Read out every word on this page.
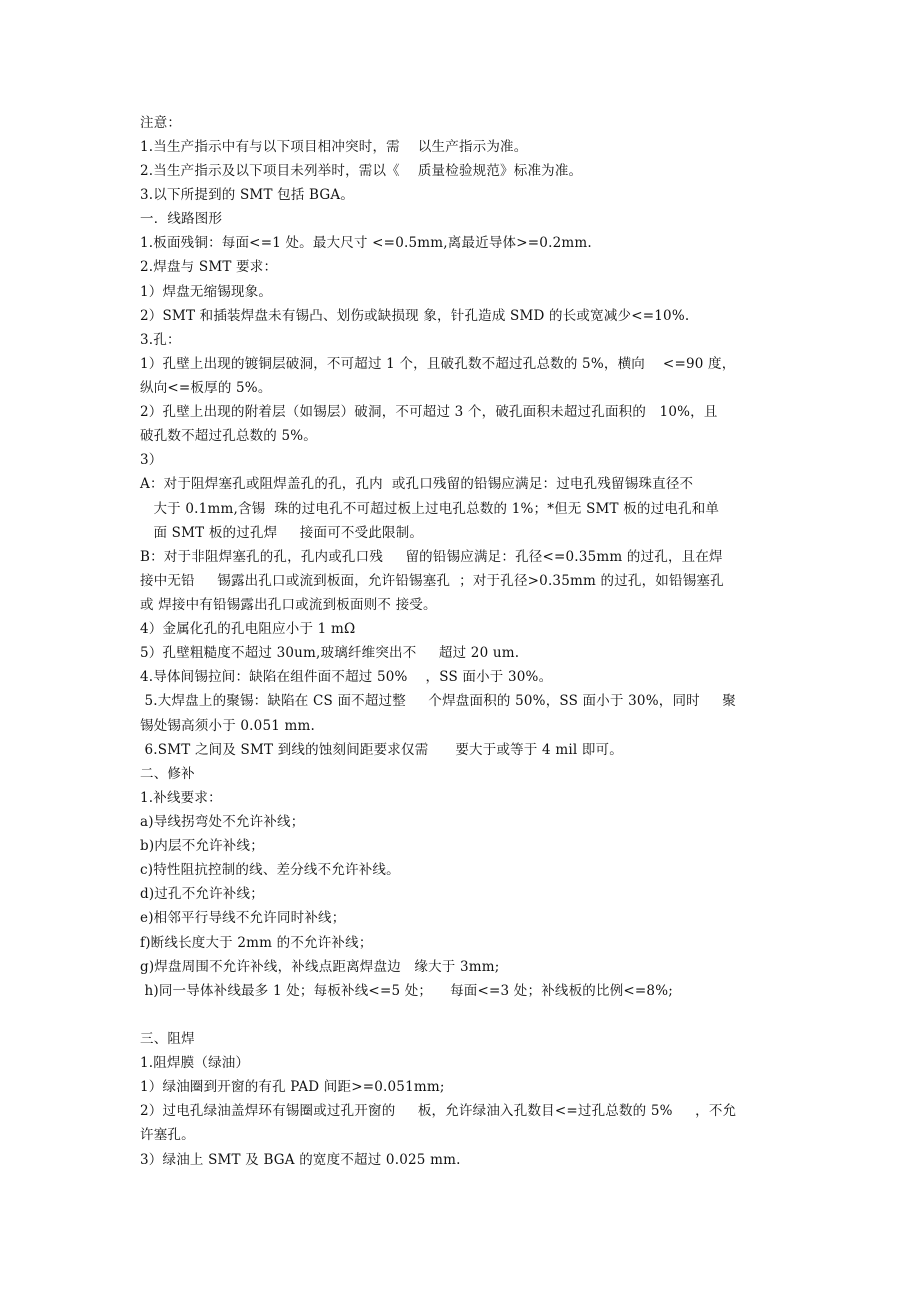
注意：
1.当生产指示中有与以下项目相冲突时，需    以生产指示为准。
2.当生产指示及以下项目未列举时，需以《    质量检验规范》标准为准。
3.以下所提到的 SMT 包括 BGA。
一．线路图形
1.板面残铜：每面<=1 处。最大尺寸 <=0.5mm,离最近导体>=0.2mm.
2.焊盘与 SMT 要求：
1）焊盘无缩锡现象。
2）SMT 和插装焊盘未有锡凸、划伤或缺损现 象，针孔造成 SMD 的长或宽减少<=10%.
3.孔：
1）孔壁上出现的镀铜层破洞，不可超过 1 个，且破孔数不超过孔总数的 5%，横向    <=90 度，
纵向<=板厚的 5%。
2）孔壁上出现的附着层（如锡层）破洞，不可超过 3 个，破孔面积未超过孔面积的   10%，且
破孔数不超过孔总数的 5%。
3）
A：对于阻焊塞孔或阻焊盖孔的孔，孔内  或孔口残留的铅锡应满足：过电孔残留锡珠直径不
大于 0.1mm,含锡  珠的过电孔不可超过板上过电孔总数的 1%；*但无 SMT 板的过电孔和单
面 SMT 板的过孔焊     接面可不受此限制。
B：对于非阻焊塞孔的孔，孔内或孔口残     留的铅锡应满足：孔径<=0.35mm 的过孔，且在焊
接中无铅     锡露出孔口或流到板面，允许铅锡塞孔  ；对于孔径>0.35mm 的过孔，如铅锡塞孔
或 焊接中有铅锡露出孔口或流到板面则不 接受。
4）金属化孔的孔电阻应小于 1 mΩ
5）孔壁粗糙度不超过 30um,玻璃纤维突出不     超过 20 um.
4.导体间锡拉间：缺陷在组件面不超过 50%    ，SS 面小于 30%。
5.大焊盘上的聚锡：缺陷在 CS 面不超过整     个焊盘面积的 50%，SS 面小于 30%，同时     聚
锡处锡高须小于 0.051 mm.
6.SMT 之间及 SMT 到线的蚀刻间距要求仅需      要大于或等于 4 mil 即可。
二、修补
1.补线要求：
a)导线拐弯处不允许补线；
b)内层不允许补线；
c)特性阻抗控制的线、差分线不允许补线。
d)过孔不允许补线；
e)相邻平行导线不允许同时补线；
f)断线长度大于 2mm 的不允许补线；
g)焊盘周围不允许补线，补线点距离焊盘边   缘大于 3mm;
h)同一导体补线最多 1 处；每板补线<=5 处；    每面<=3 处；补线板的比例<=8%;
三、阻焊
1.阻焊膜（绿油）
1）绿油圈到开窗的有孔 PAD 间距>=0.051mm;
2）过电孔绿油盖焊环有锡圈或过孔开窗的     板，允许绿油入孔数目<=过孔总数的 5%     ，不允
许塞孔。
3）绿油上 SMT 及 BGA 的宽度不超过 0.025 mm.
